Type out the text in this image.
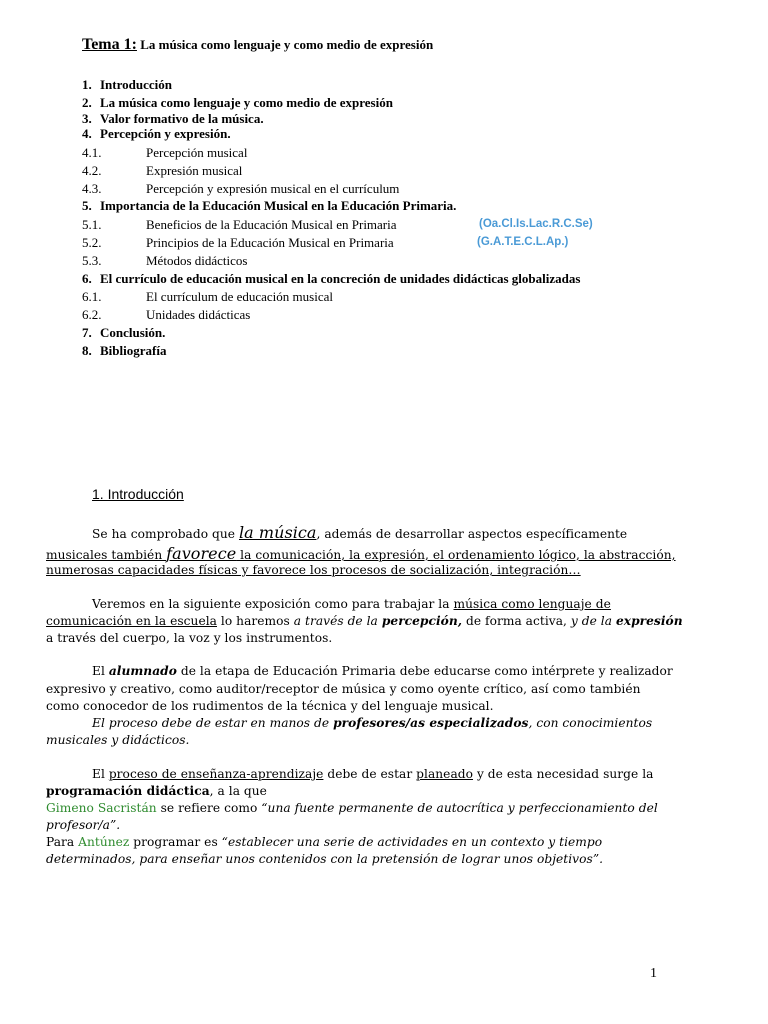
Tema 1: La música como lenguaje y como medio de expresión
1. Introducción
2. La música como lenguaje y como medio de expresión
3. Valor formativo de la música.
4. Percepción y expresión.
4.1.	Percepción musical
4.2.	Expresión musical
4.3.	Percepción y expresión musical en el currículum
5. Importancia de la Educación Musical en la Educación Primaria.
5.1.	Beneficios de la Educación Musical en Primaria	(Oa.Cl.Is.Lac.R.C.Se)
5.2.	Principios de la Educación Musical en Primaria	(G.A.T.E.C.L.Ap.)
5.3.	Métodos didácticos
6. El currículo de educación musical en la concreción de unidades didácticas globalizadas
6.1.	El currículum de educación musical
6.2.	Unidades didácticas
7. Conclusión.
8. Bibliografía
1. Introducción
Se ha comprobado que la música, además de desarrollar aspectos específicamente
musicales también favorece la comunicación, la expresión, el ordenamiento lógico, la abstracción,
numerosas capacidades físicas y favorece los procesos de socialización, integración…
Veremos en la siguiente exposición como para trabajar la música como lenguaje de
comunicación en la escuela lo haremos a través de la percepción, de forma activa, y de la expresión
a través del cuerpo, la voz y los instrumentos.
El alumnado de la etapa de Educación Primaria debe educarse como intérprete y realizador
expresivo y creativo, como auditor/receptor de música y como oyente crítico, así como también
como conocedor de los rudimentos de la técnica y del lenguaje musical.
El proceso debe de estar en manos de profesores/as especializados, con conocimientos
musicales y didácticos.
El proceso de enseñanza-aprendizaje debe de estar planeado y de esta necesidad surge la
programación didáctica, a la que
Gimeno Sacristán se refiere como “una fuente permanente de autocrítica y perfeccionamiento del
profesor/a”.
Para Antúnez programar es “establecer una serie de actividades en un contexto y tiempo
determinados, para enseñar unos contenidos con la pretensión de lograr unos objetivos”.
1
